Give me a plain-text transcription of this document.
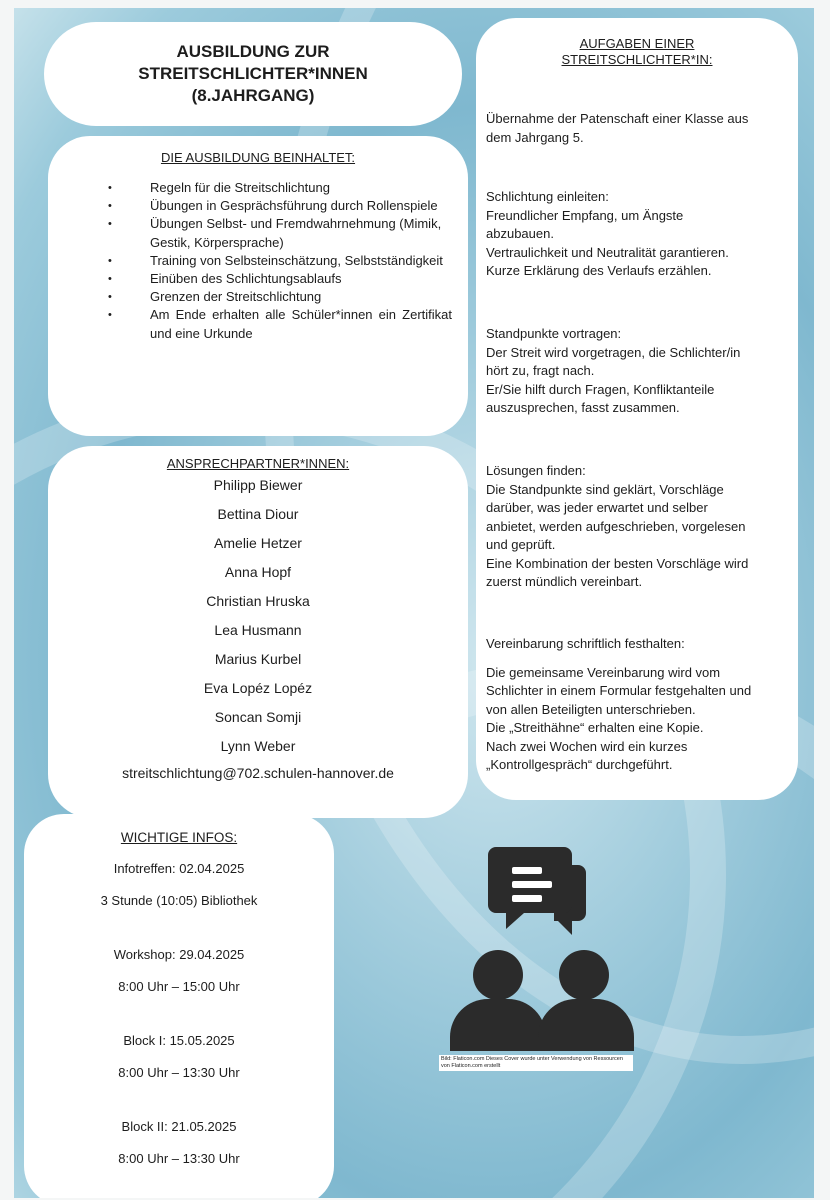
AUSBILDUNG ZUR
STREITSCHLICHTER*INNEN
(8.JAHRGANG)
DIE AUSBILDUNG BEINHALTET:
• Regeln für die Streitschlichtung
• Übungen in Gesprächsführung durch Rollenspiele
• Übungen Selbst- und Fremdwahrnehmung (Mimik, Gestik, Körpersprache)
• Training von Selbsteinschätzung, Selbstständigkeit
• Einüben des Schlichtungsablaufs
• Grenzen der Streitschlichtung
• Am Ende erhalten alle Schüler*innen ein Zertifikat und eine Urkunde
ANSPRECHPARTNER*INNEN:
Philipp Biewer
Bettina Diour
Amelie Hetzer
Anna Hopf
Christian Hruska
Lea Husmann
Marius Kurbel
Eva Lopéz Lopéz
Soncan Somji
Lynn Weber
streitschlichtung@702.schulen-hannover.de
AUFGABEN EINER
STREITSCHLICHTER*IN:
Übernahme der Patenschaft einer Klasse aus
dem Jahrgang 5.
Schlichtung einleiten:
Freundlicher Empfang, um Ängste
abzubauen.
Vertraulichkeit und Neutralität garantieren.
Kurze Erklärung des Verlaufs erzählen.
Standpunkte vortragen:
Der Streit wird vorgetragen, die Schlichter/in
hört zu, fragt nach.
Er/Sie hilft durch Fragen, Konfliktanteile
auszusprechen, fasst zusammen.
Lösungen finden:
Die Standpunkte sind geklärt, Vorschläge
darüber, was jeder erwartet und selber
anbietet, werden aufgeschrieben, vorgelesen
und geprüft.
Eine Kombination der besten Vorschläge wird
zuerst mündlich vereinbart.
Vereinbarung schriftlich festhalten:
Die gemeinsame Vereinbarung wird vom
Schlichter in einem Formular festgehalten und
von allen Beteiligten unterschrieben.
Die „Streithähne“ erhalten eine Kopie.
Nach zwei Wochen wird ein kurzes
„Kontrollgespräch“ durchgeführt.
WICHTIGE INFOS:
Infotreffen: 02.04.2025
3 Stunde (10:05) Bibliothek
Workshop: 29.04.2025
8:00 Uhr – 15:00 Uhr
Block I: 15.05.2025
8:00 Uhr – 13:30 Uhr
Block II: 21.05.2025
8:00 Uhr – 13:30 Uhr
Bild: Flaticon.com Dieses Cover wurde unter Verwendung von Ressourcen von Flaticon.com erstellt
